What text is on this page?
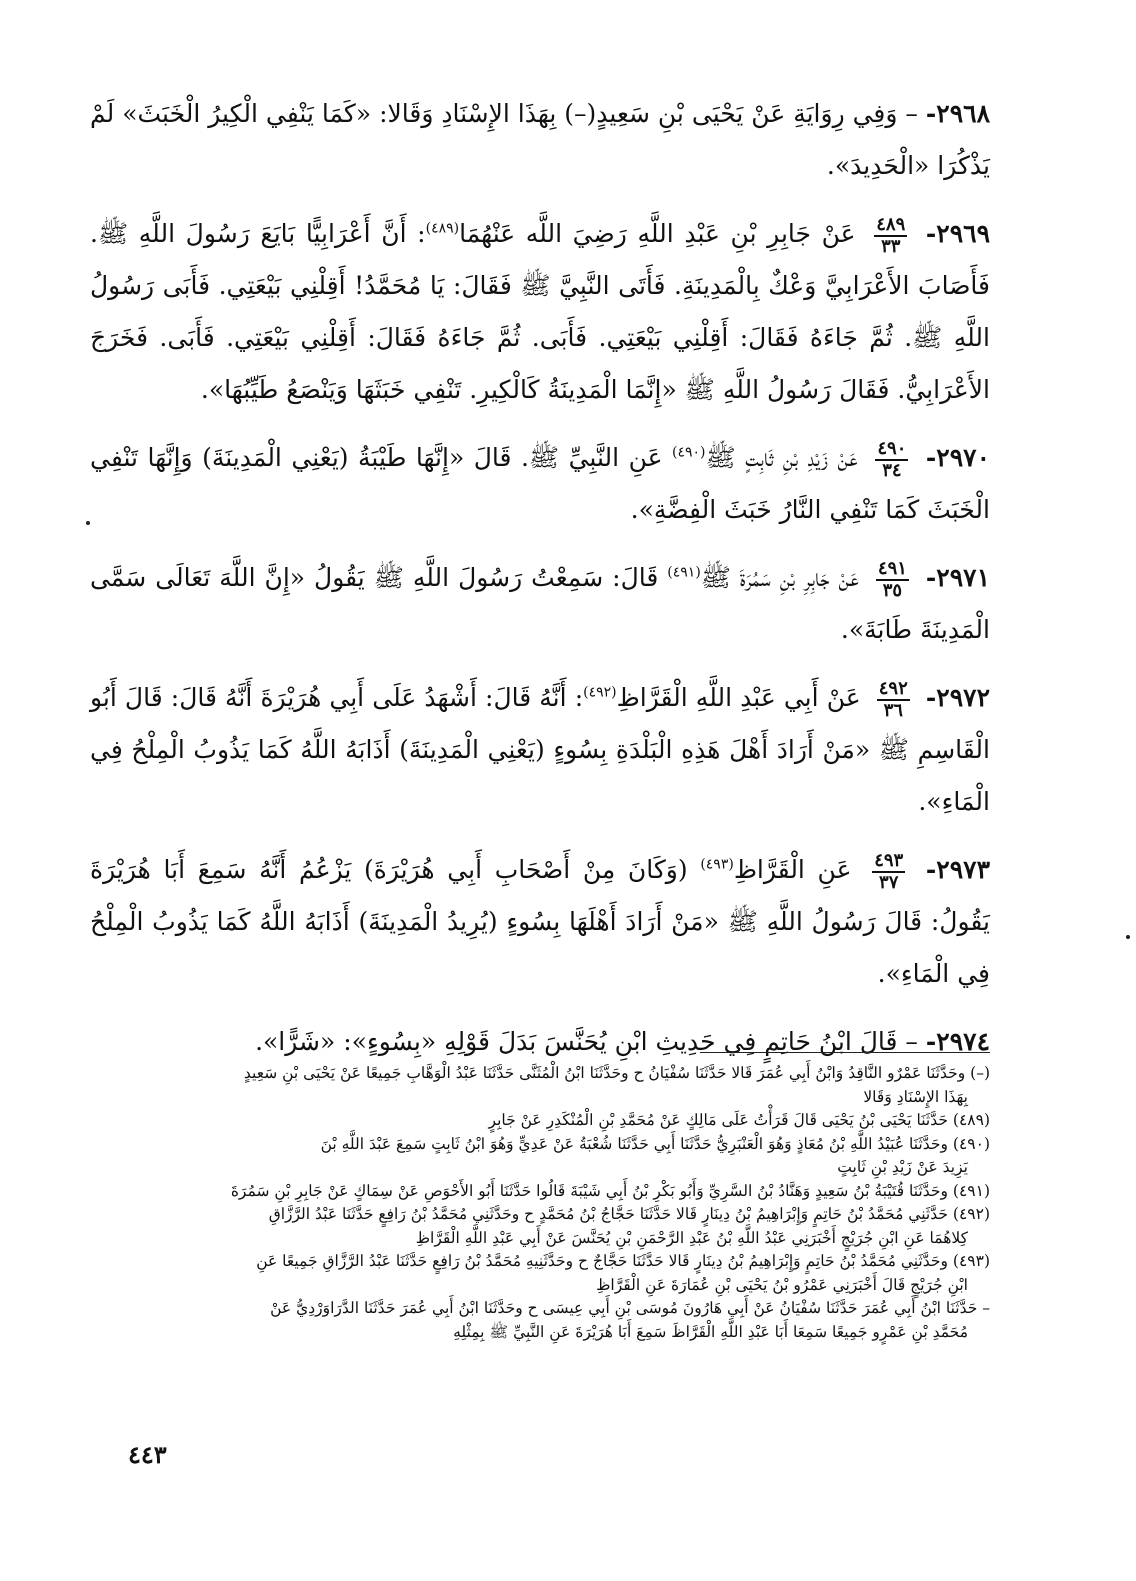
٢٩٦٨- – وَفِي رِوَايَةِ عَنْ يَحْيَى بْنِ سَعِيدٍ(–) بِهَذَا الإِسْنَادِ وَقَالا: «كَمَا يَنْفِي الْكِيرُ الْخَبَثَ» لَمْ يَذْكُرَا «الْحَدِيدَ».

٢٩٦٩-
$\frac{٤٨٩}{٣٣}$
عَنْ جَابِرِ بْنِ عَبْدِ اللَّهِ رَضِيَ اللَّه عَنْهُمَا$^{(٤٨٩)}$: أَنَّ أَعْرَابِيًّا بَايَعَ رَسُولَ اللَّهِ ﷺ. فَأَصَابَ الأَعْرَابِيَّ وَعْكٌ بِالْمَدِينَةِ. فَأَتَى النَّبِيَّ ﷺ فَقَالَ: يَا مُحَمَّدُ! أَقِلْنِي بَيْعَتِي. فَأَبَى رَسُولُ اللَّهِ ﷺ. ثُمَّ جَاءَهُ فَقَالَ: أَقِلْنِي بَيْعَتِي. فَأَبَى. ثُمَّ جَاءَهُ فَقَالَ: أَقِلْنِي بَيْعَتِي. فَأَبَى. فَخَرَجَ الأَعْرَابِيُّ. فَقَالَ رَسُولُ اللَّهِ ﷺ «إِنَّمَا الْمَدِينَةُ كَالْكِيرِ. تَنْفِي خَبَثَهَا وَيَنْصَعُ طَيِّبُهَا».

٢٩٧٠-
$\frac{٤٩٠}{٣٤}$
عَنْ زَيْدِ بْنِ ثَابِتٍ ﷺ$^{(٤٩٠)}$ عَنِ النَّبِيِّ ﷺ. قَالَ «إِنَّهَا طَيْبَةُ (يَعْنِي الْمَدِينَةَ) وَإِنَّهَا تَنْفِي الْخَبَثَ كَمَا تَنْفِي النَّارُ خَبَثَ الْفِضَّةِ».

٢٩٧١-
$\frac{٤٩١}{٣٥}$
عَنْ جَابِرِ بْنِ سَمُرَةَ ﷺ$^{(٤٩١)}$ قَالَ: سَمِعْتُ رَسُولَ اللَّهِ ﷺ يَقُولُ «إِنَّ اللَّهَ تَعَالَى سَمَّى الْمَدِينَةَ طَابَةَ».

٢٩٧٢-
$\frac{٤٩٢}{٣٦}$
عَنْ أَبِي عَبْدِ اللَّهِ الْقَرَّاظِ$^{(٤٩٢)}$: أَنَّهُ قَالَ: أَشْهَدُ عَلَى أَبِي هُرَيْرَةَ أَنَّهُ قَالَ: قَالَ أَبُو الْقَاسِمِ ﷺ «مَنْ أَرَادَ أَهْلَ هَذِهِ الْبَلْدَةِ بِسُوءٍ (يَعْنِي الْمَدِينَةَ) أَذَابَهُ اللَّهُ كَمَا يَذُوبُ الْمِلْحُ فِي الْمَاءِ».

٢٩٧٣-
$\frac{٤٩٣}{٣٧}$
عَنِ الْقَرَّاظِ$^{(٤٩٣)}$ (وَكَانَ مِنْ أَصْحَابِ أَبِي هُرَيْرَةَ) يَزْعُمُ أَنَّهُ سَمِعَ أَبَا هُرَيْرَةَ يَقُولُ: قَالَ رَسُولُ اللَّهِ ﷺ «مَنْ أَرَادَ أَهْلَهَا بِسُوءٍ (يُرِيدُ الْمَدِينَةَ) أَذَابَهُ اللَّهُ كَمَا يَذُوبُ الْمِلْحُ فِي الْمَاءِ».

٢٩٧٤- – قَالَ ابْنُ حَاتِمٍ فِي حَدِيثِ ابْنِ يُحَنَّسَ بَدَلَ قَوْلِهِ «بِسُوءٍ»: «شَرًّا».

(–) وحَدَّثَنَا عَمْرٌو النَّاقِدُ وَابْنُ أَبِي عُمَرَ قَالا حَدَّثَنَا سُفْيَانُ ح وحَدَّثَنَا ابْنُ الْمُثَنَّى حَدَّثَنَا عَبْدُ الْوَهَّابِ جَمِيعًا عَنْ يَحْيَى بْنِ سَعِيدٍ
بِهَذَا الإِسْنَادِ وَقَالا

(٤٨٩) حَدَّثَنَا يَحْيَى بْنُ يَحْيَى قَالَ قَرَأْتُ عَلَى مَالِكٍ عَنْ مُحَمَّدِ بْنِ الْمُنْكَدِرِ عَنْ جَابِرٍ

(٤٩٠) وحَدَّثَنَا عُبَيْدُ اللَّهِ بْنُ مُعَاذٍ وَهُوَ الْعَنْبَرِيُّ حَدَّثَنَا أَبِي حَدَّثَنَا شُعْبَةُ عَنْ عَدِيٍّ وَهُوَ ابْنُ ثَابِتٍ سَمِعَ عَبْدَ اللَّهِ بْنَ
يَزِيدَ عَنْ زَيْدِ بْنِ ثَابِتٍ

(٤٩١) وحَدَّثَنَا قُتَيْبَةُ بْنُ سَعِيدٍ وَهَنَّادُ بْنُ السَّرِيِّ وَأَبُو بَكْرِ بْنُ أَبِي شَيْبَةَ قَالُوا حَدَّثَنَا أَبُو الأَحْوَصِ عَنْ سِمَاكٍ عَنْ جَابِرِ بْنِ سَمُرَةَ

(٤٩٢) حَدَّثَنِي مُحَمَّدُ بْنُ حَاتِمٍ وَإِبْرَاهِيمُ بْنُ دِينَارٍ قَالا حَدَّثَنَا حَجَّاجُ بْنُ مُحَمَّدٍ ح وحَدَّثَنِي مُحَمَّدُ بْنُ رَافِعٍ حَدَّثَنَا عَبْدُ الرَّزَّاقِ
كِلاهُمَا عَنِ ابْنِ جُرَيْجٍ أَخْبَرَنِي عَبْدُ اللَّهِ بْنُ عَبْدِ الرَّحْمَنِ بْنِ يُحَنَّسَ عَنْ أَبِي عَبْدِ اللَّهِ الْقَرَّاظِ

(٤٩٣) وحَدَّثَنِي مُحَمَّدُ بْنُ حَاتِمٍ وَإِبْرَاهِيمُ بْنُ دِينَارٍ قَالا حَدَّثَنَا حَجَّاجٌ ح وحَدَّثَنِيهِ مُحَمَّدُ بْنُ رَافِعٍ حَدَّثَنَا عَبْدُ الرَّزَّاقِ جَمِيعًا عَنِ
ابْنِ جُرَيْجٍ قَالَ أَخْبَرَنِي عَمْرُو بْنُ يَحْيَى بْنِ عُمَارَةَ عَنِ الْقَرَّاظِ

– حَدَّثَنَا ابْنُ أَبِي عُمَرَ حَدَّثَنَا سُفْيَانُ عَنْ أَبِي هَارُونَ مُوسَى بْنِ أَبِي عِيسَى ح وحَدَّثَنَا ابْنُ أَبِي عُمَرَ حَدَّثَنَا الدَّرَاوَرْدِيُّ عَنْ
مُحَمَّدِ بْنِ عَمْرٍو جَمِيعًا سَمِعَا أَبَا عَبْدِ اللَّهِ الْقَرَّاظَ سَمِعَ أَبَا هُرَيْرَةَ عَنِ النَّبِيِّ ﷺ بِمِثْلِهِ

٤٤٣
